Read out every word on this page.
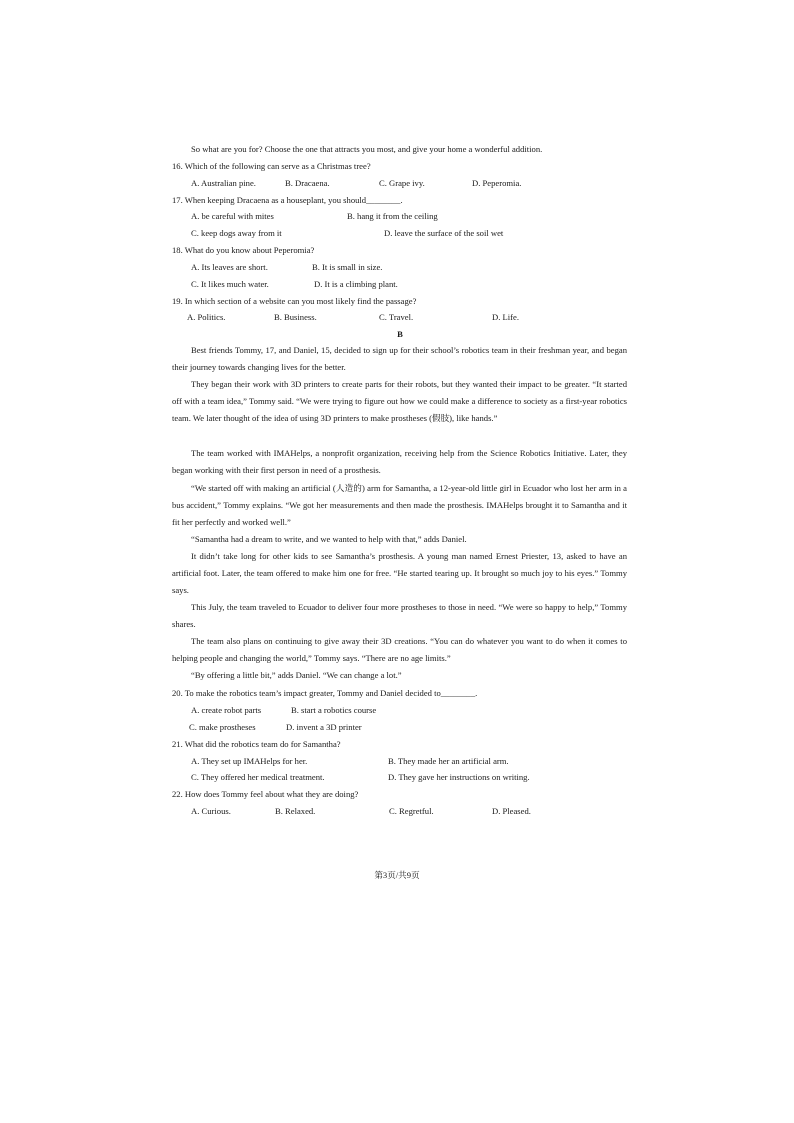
So what are you for? Choose the one that attracts you most, and give your home a wonderful addition.
16. Which of the following can serve as a Christmas tree?
A. Australian pine.	B. Dracaena.	C. Grape ivy.	D. Peperomia.
17. When keeping Dracaena as a houseplant, you should________.
A. be careful with mites	B. hang it from the ceiling
C. keep dogs away from it	D. leave the surface of the soil wet
18. What do you know about Peperomia?
A. Its leaves are short.	B. It is small in size.
C. It likes much water.	D. It is a climbing plant.
19. In which section of a website can you most likely find the passage?
A. Politics.	B. Business.	C. Travel.	D. Life.
B
Best friends Tommy, 17, and Daniel, 15, decided to sign up for their school’s robotics team in their freshman year, and began their journey towards changing lives for the better.
They began their work with 3D printers to create parts for their robots, but they wanted their impact to be greater. “It started off with a team idea,” Tommy said. “We were trying to figure out how we could make a difference to society as a first-year robotics team. We later thought of the idea of using 3D printers to make prostheses (假肢), like hands.”
The team worked with IMAHelps, a nonprofit organization, receiving help from the Science Robotics Initiative. Later, they began working with their first person in need of a prosthesis.
“We started off with making an artificial (人造的) arm for Samantha, a 12-year-old little girl in Ecuador who lost her arm in a bus accident,” Tommy explains. “We got her measurements and then made the prosthesis. IMAHelps brought it to Samantha and it fit her perfectly and worked well.”
“Samantha had a dream to write, and we wanted to help with that,” adds Daniel.
It didn’t take long for other kids to see Samantha’s prosthesis. A young man named Ernest Priester, 13, asked to have an artificial foot. Later, the team offered to make him one for free. “He started tearing up. It brought so much joy to his eyes.” Tommy says.
This July, the team traveled to Ecuador to deliver four more prostheses to those in need. “We were so happy to help,” Tommy shares.
The team also plans on continuing to give away their 3D creations. “You can do whatever you want to do when it comes to helping people and changing the world,” Tommy says. “There are no age limits.”
“By offering a little bit,” adds Daniel. “We can change a lot.”
20. To make the robotics team’s impact greater, Tommy and Daniel decided to________.
A. create robot parts	B. start a robotics course
C. make prostheses	D. invent a 3D printer
21. What did the robotics team do for Samantha?
A. They set up IMAHelps for her.	B. They made her an artificial arm.
C. They offered her medical treatment.	D. They gave her instructions on writing.
22. How does Tommy feel about what they are doing?
A. Curious.	B. Relaxed.	C. Regretful.	D. Pleased.
第3页/共9页
